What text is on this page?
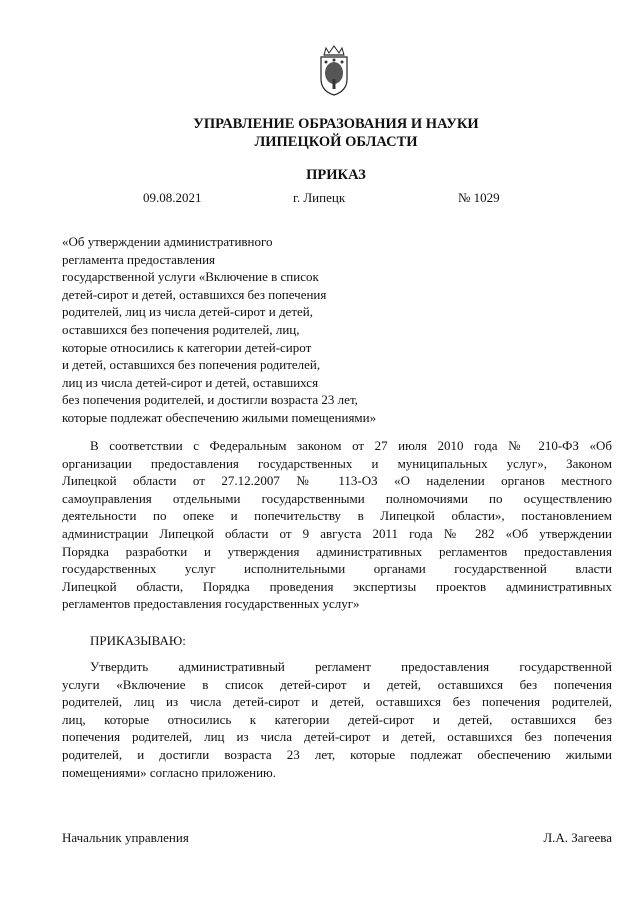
УПРАВЛЕНИЕ ОБРАЗОВАНИЯ И НАУКИ
ЛИПЕЦКОЙ ОБЛАСТИ
ПРИКАЗ
09.08.2021	г. Липецк	№ 1029
«Об утверждении административного
регламента предоставления
государственной услуги «Включение в список
детей-сирот и детей, оставшихся без попечения
родителей, лиц из числа детей-сирот и детей,
оставшихся без попечения родителей, лиц,
которые относились к категории детей-сирот
и детей, оставшихся без попечения родителей,
лиц из числа детей-сирот и детей, оставшихся
без попечения родителей, и достигли возраста 23 лет,
которые подлежат обеспечению жилыми помещениями»
В соответствии с Федеральным законом от 27 июля 2010 года № 210-ФЗ «Об
организации предоставления государственных и муниципальных услуг», Законом
Липецкой области от 27.12.2007 № 113-ОЗ «О наделении органов местного
самоуправления отдельными государственными полномочиями по осуществлению
деятельности по опеке и попечительству в Липецкой области», постановлением
администрации Липецкой области от 9 августа 2011 года № 282 «Об утверждении
Порядка разработки и утверждения административных регламентов предоставления
государственных услуг исполнительными органами государственной власти
Липецкой области, Порядка проведения экспертизы проектов административных
регламентов предоставления государственных услуг»
ПРИКАЗЫВАЮ:
Утвердить административный регламент предоставления государственной
услуги «Включение в список детей-сирот и детей, оставшихся без попечения
родителей, лиц из числа детей-сирот и детей, оставшихся без попечения родителей,
лиц, которые относились к категории детей-сирот и детей, оставшихся без
попечения родителей, лиц из числа детей-сирот и детей, оставшихся без попечения
родителей, и достигли возраста 23 лет, которые подлежат обеспечению жилыми
помещениями» согласно приложению.
Начальник управления	Л.А. Загеева
